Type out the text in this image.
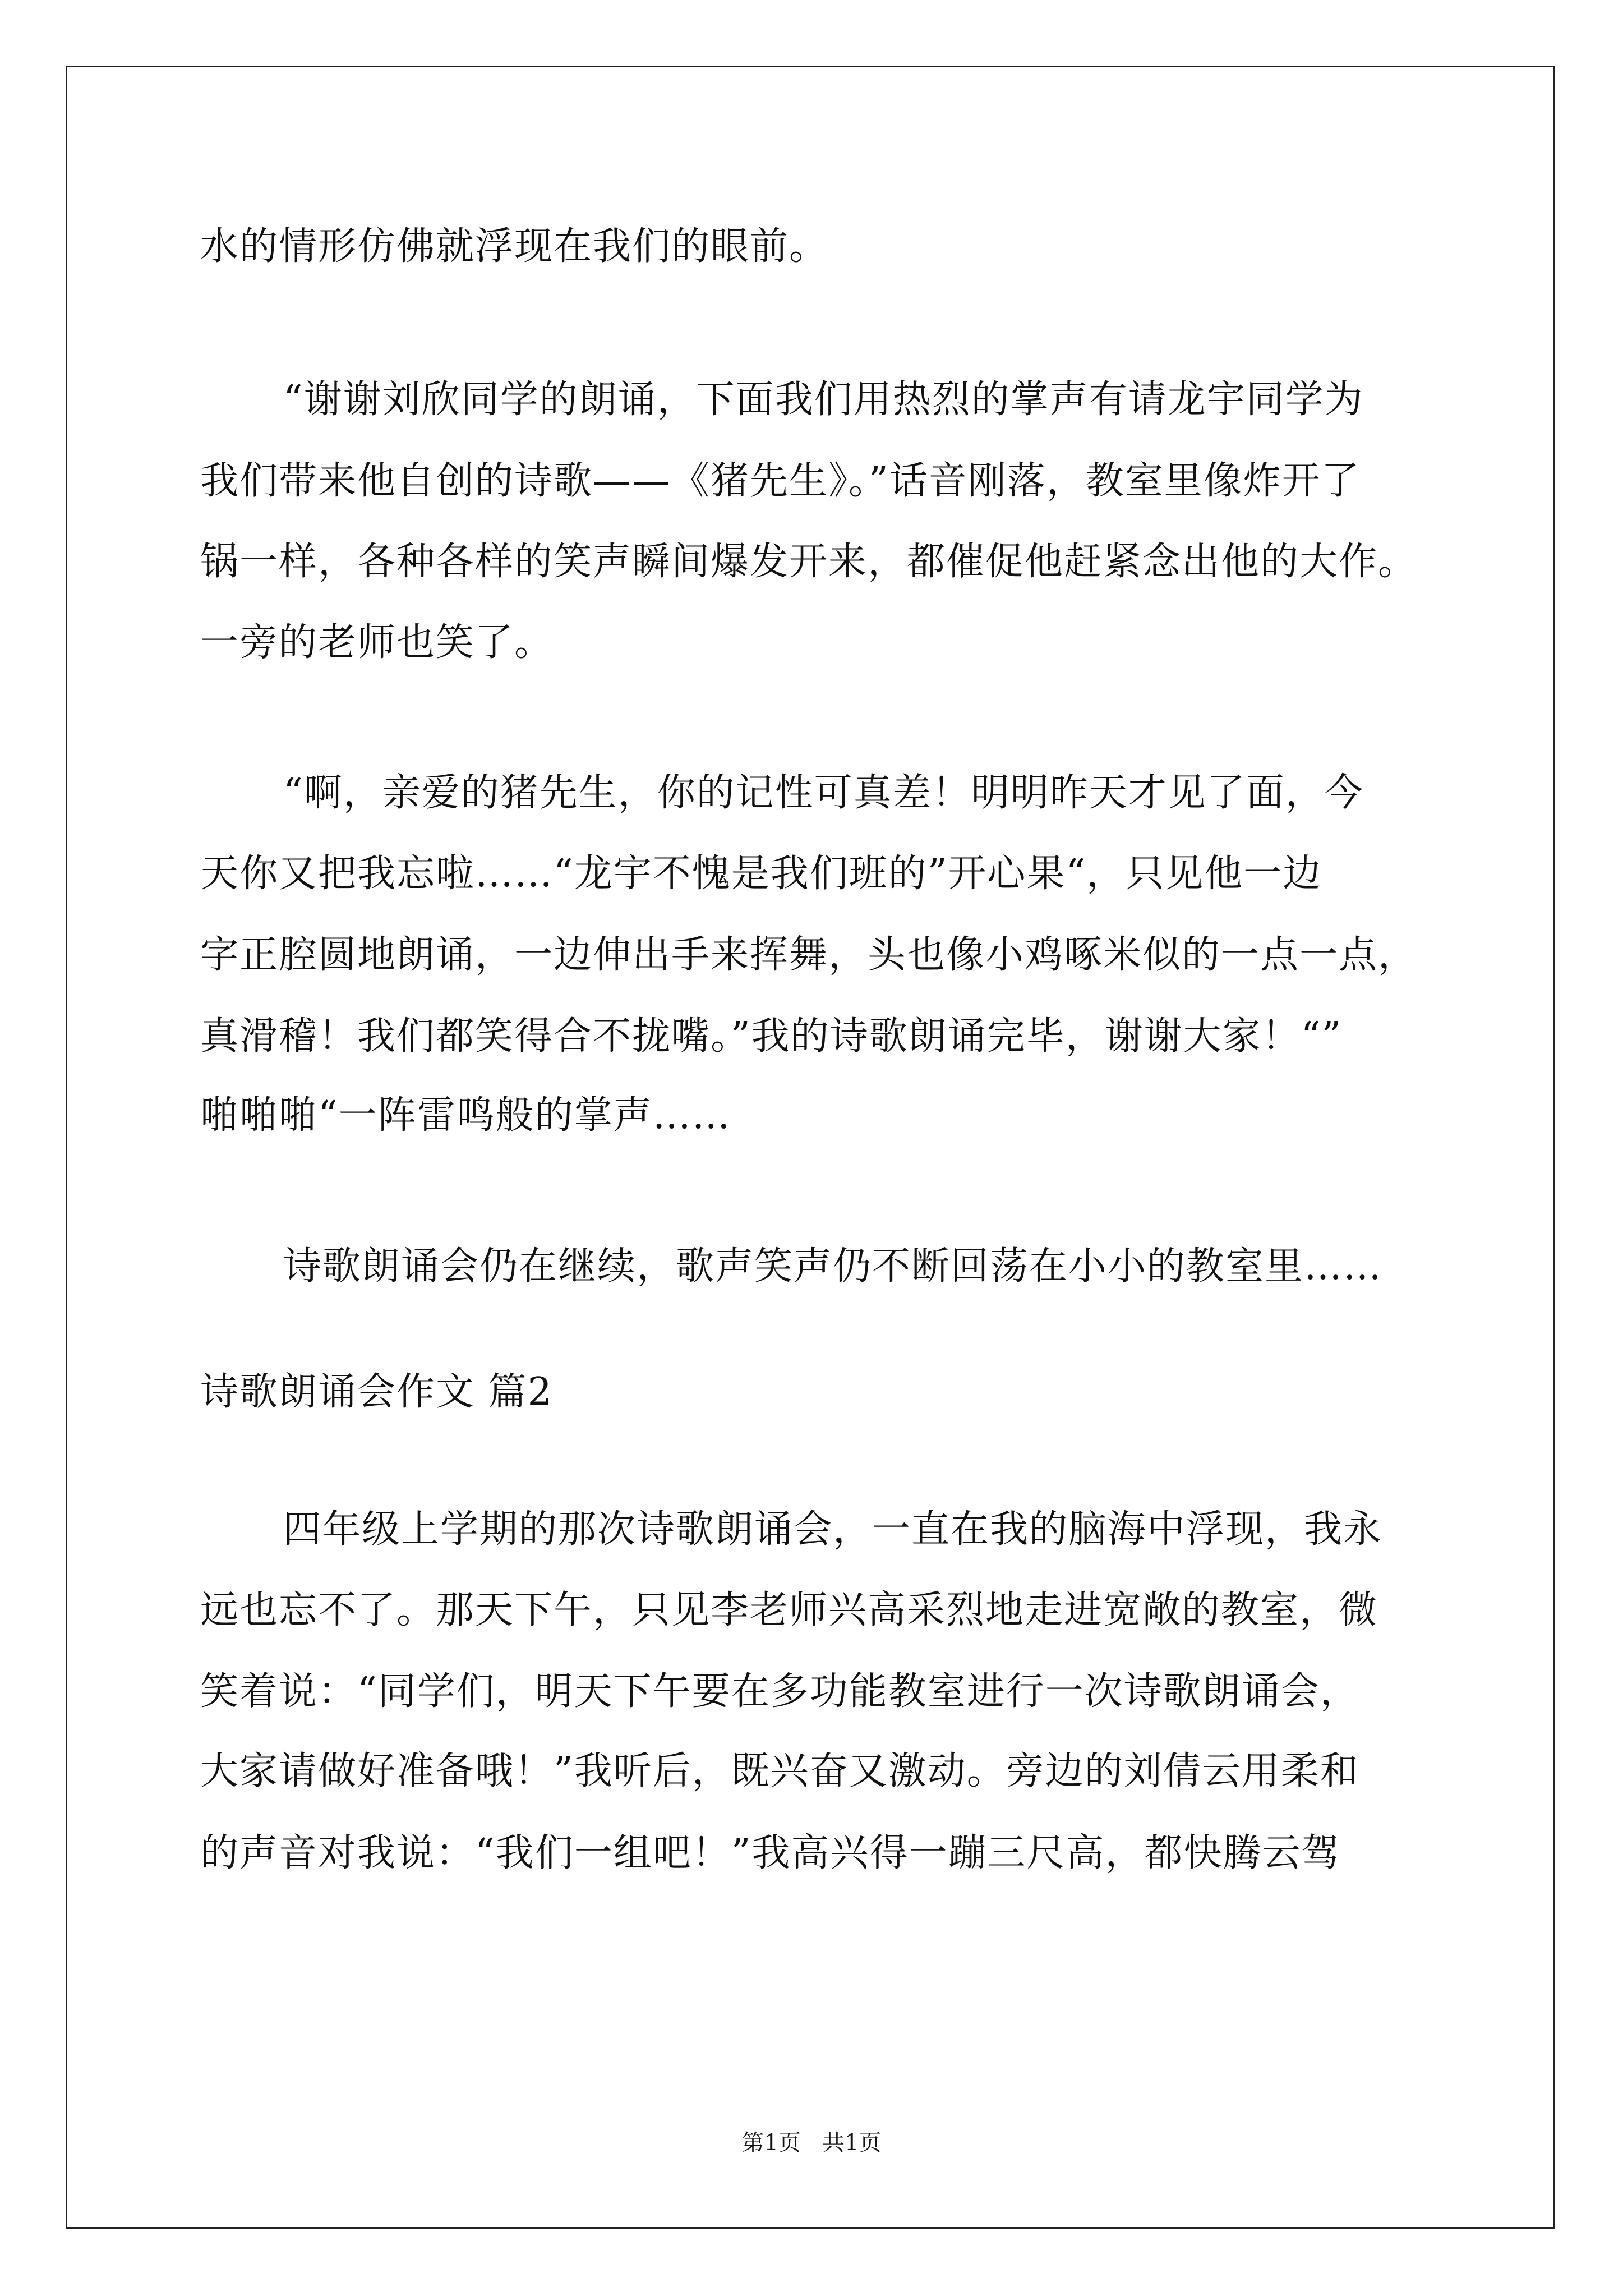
水的情形仿佛就浮现在我们的眼前。
“谢谢刘欣同学的朗诵，下面我们用热烈的掌声有请龙宇同学为
我们带来他自创的诗歌——《猪先生》。”话音刚落，教室里像炸开了
锅一样，各种各样的笑声瞬间爆发开来，都催促他赶紧念出他的大作。
一旁的老师也笑了。
“啊，亲爱的猪先生，你的记性可真差！明明昨天才见了面，今
天你又把我忘啦……“龙宇不愧是我们班的”开心果“，只见他一边
字正腔圆地朗诵，一边伸出手来挥舞，头也像小鸡啄米似的一点一点，
真滑稽！我们都笑得合不拢嘴。”我的诗歌朗诵完毕，谢谢大家！“”
啪啪啪“一阵雷鸣般的掌声……
诗歌朗诵会仍在继续，歌声笑声仍不断回荡在小小的教室里……
诗歌朗诵会作文 篇2
四年级上学期的那次诗歌朗诵会，一直在我的脑海中浮现，我永
远也忘不了。那天下午，只见李老师兴高采烈地走进宽敞的教室，微
笑着说：“同学们，明天下午要在多功能教室进行一次诗歌朗诵会，
大家请做好准备哦！”我听后，既兴奋又激动。旁边的刘倩云用柔和
的声音对我说：“我们一组吧！”我高兴得一蹦三尺高，都快腾云驾
第1页   共1页
